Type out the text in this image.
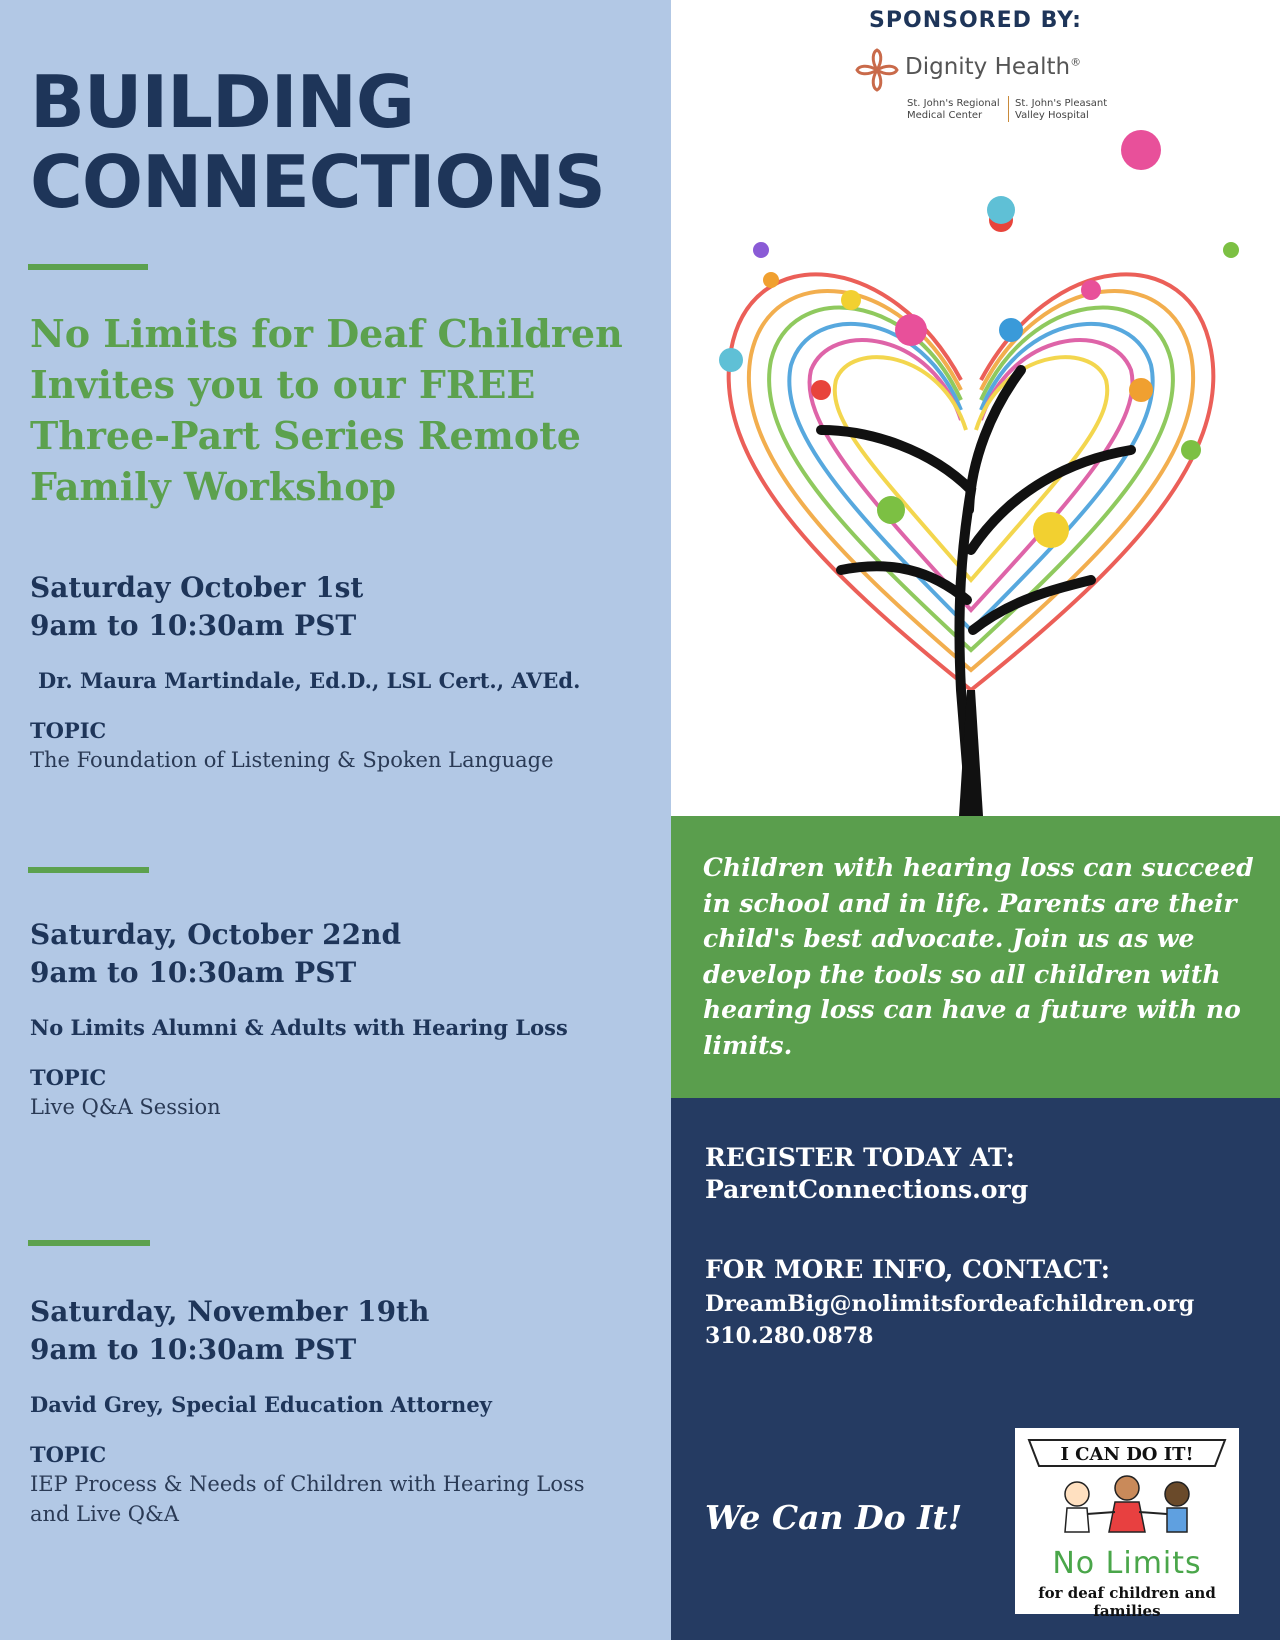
BUILDING
CONNECTIONS

No Limits for Deaf Children Invites you to our FREE Three-Part Series Remote Family Workshop

Saturday October 1st
9am to 10:30am PST
Dr. Maura Martindale, Ed.D., LSL Cert., AVEd.
TOPIC
The Foundation of Listening & Spoken Language
Saturday, October 22nd
9am to 10:30am PST
No Limits Alumni & Adults with Hearing Loss
TOPIC
Live Q&A Session
Saturday, November 19th
9am to 10:30am PST
David Grey, Special Education Attorney
TOPIC
IEP Process & Needs of Children with Hearing Loss
and Live Q&A
SPONSORED BY:
Dignity Health®
St. John's Regional
Medical Center
St. John's Pleasant
Valley Hospital

Children with hearing loss can succeed in school and in life. Parents are their child's best advocate. Join us as we develop the tools so all children with hearing loss can have a future with no limits.

REGISTER TODAY AT:
ParentConnections.org
FOR MORE INFO, CONTACT:
DreamBig@nolimitsfordeafchildren.org
310.280.0878
We Can Do It!
I CAN DO IT!
No Limits
for deaf children and families
